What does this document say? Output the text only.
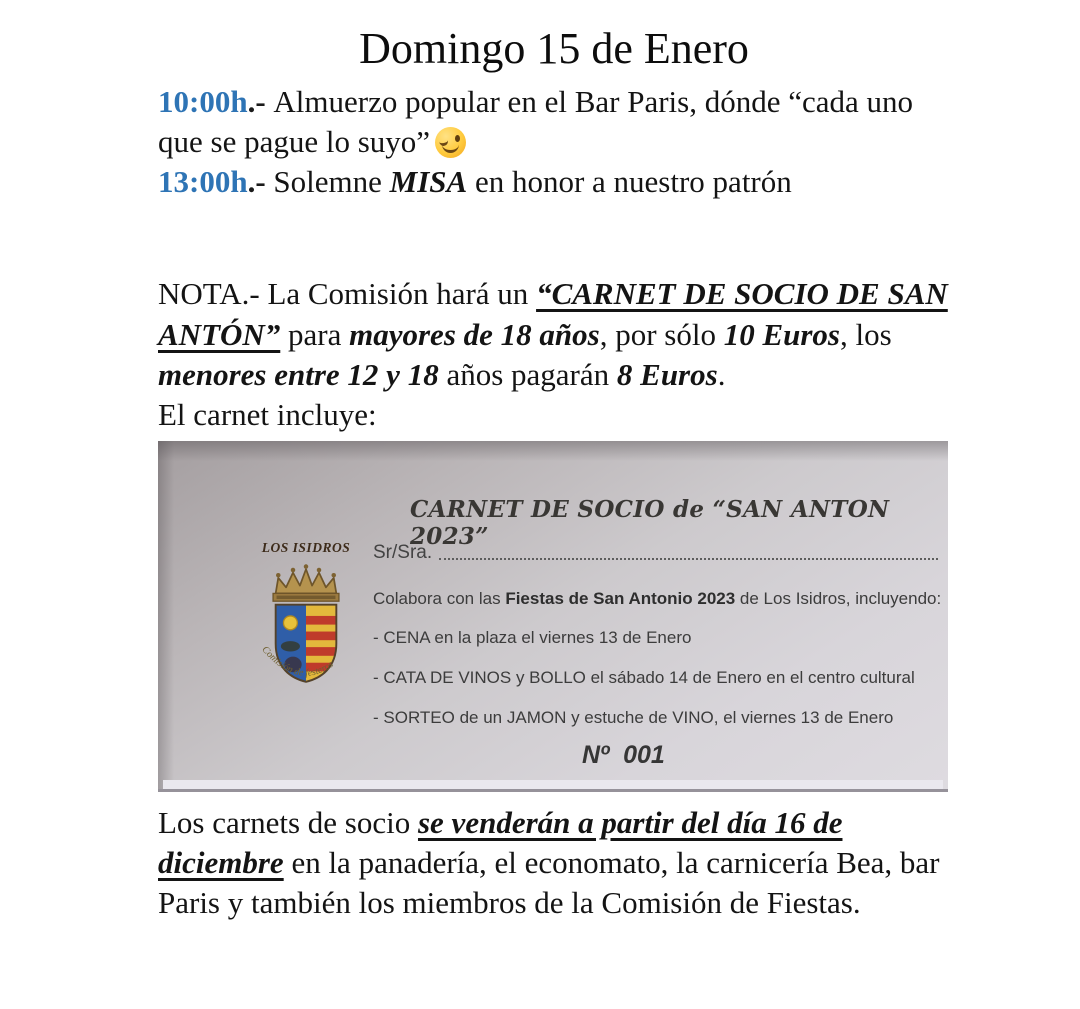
Domingo 15 de Enero

10:00h.- Almuerzo popular en el Bar Paris, dónde “cada uno que se pague lo suyo”

13:00h.- Solemne MISA en honor a nuestro patrón

NOTA.- La Comisión hará un “CARNET DE SOCIO DE SAN ANTÓN” para mayores de 18 años, por sólo 10 Euros, los menores entre 12 y 18 años pagarán 8 Euros.

El carnet incluye:

CARNET DE SOCIO de “SAN ANTON 2023”
LOS ISIDROS
Comisión de festeros
Sr/Sra.
Colabora con las Fiestas de San Antonio 2023 de Los Isidros, incluyendo:
- CENA en la plaza el viernes 13 de Enero
- CATA DE VINOS y BOLLO el sábado 14 de Enero en el centro cultural
- SORTEO de un JAMON y estuche de VINO, el viernes 13 de Enero
Nº  001

Los carnets de socio se venderán a partir del día 16 de diciembre en la panadería, el economato, la carnicería Bea, bar Paris y también los miembros de la Comisión de Fiestas.
